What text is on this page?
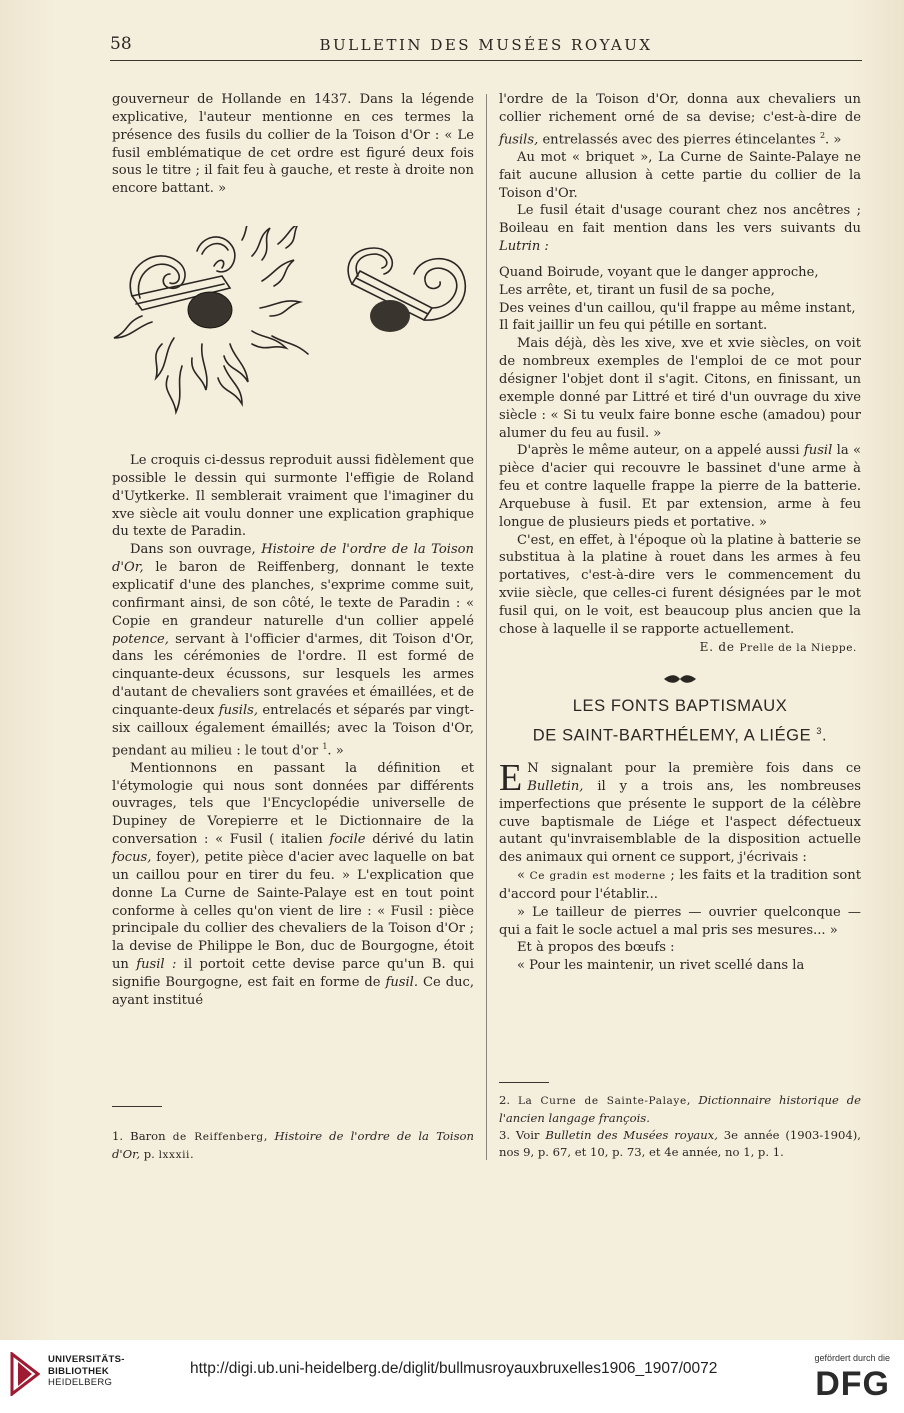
58	BULLETIN DES MUSÉES ROYAUX

gouverneur de Hollande en 1437. Dans la légende explicative, l'auteur mentionne en ces termes la présence des fusils du collier de la Toison d'Or : « Le fusil emblématique de cet ordre est figuré deux fois sous le titre ; il fait feu à gauche, et reste à droite non encore battant. »

Le croquis ci-dessus reproduit aussi fidèlement que possible le dessin qui surmonte l'effigie de Roland d'Uytkerke. Il semblerait vraiment que l'imaginer du xve siècle ait voulu donner une explication graphique du texte de Paradin.

Dans son ouvrage, Histoire de l'ordre de la Toison d'Or, le baron de Reiffenberg, donnant le texte explicatif d'une des planches, s'exprime comme suit, confirmant ainsi, de son côté, le texte de Paradin : « Copie en grandeur naturelle d'un collier appelé potence, servant à l'officier d'armes, dit Toison d'Or, dans les cérémonies de l'ordre. Il est formé de cinquante-deux écussons, sur lesquels les armes d'autant de chevaliers sont gravées et émaillées, et de cinquante-deux fusils, entrelacés et séparés par vingt-six cailloux également émaillés; avec la Toison d'Or, pendant au milieu : le tout d'or $^1$. »

Mentionnons en passant la définition et l'étymologie qui nous sont données par différents ouvrages, tels que l'Encyclopédie universelle de Dupiney de Vorepierre et le Dictionnaire de la conversation : « Fusil ( italien focile dérivé du latin focus, foyer), petite pièce d'acier avec laquelle on bat un caillou pour en tirer du feu. » L'explication que donne La Curne de Sainte-Palaye est en tout point conforme à celles qu'on vient de lire : « Fusil : pièce principale du collier des chevaliers de la Toison d'Or ; la devise de Philippe le Bon, duc de Bourgogne, étoit un fusil : il portoit cette devise parce qu'un B. qui signifie Bourgogne, est fait en forme de fusil. Ce duc, ayant institué

l'ordre de la Toison d'Or, donna aux chevaliers un collier richement orné de sa devise; c'est-à-dire de fusils, entrelassés avec des pierres étincelantes $^2$. »

Au mot « briquet », La Curne de Sainte-Palaye ne fait aucune allusion à cette partie du collier de la Toison d'Or.

Le fusil était d'usage courant chez nos ancêtres ; Boileau en fait mention dans les vers suivants du Lutrin :

Quand Boirude, voyant que le danger approche,
Les arrête, et, tirant un fusil de sa poche,
Des veines d'un caillou, qu'il frappe au même instant,
Il fait jaillir un feu qui pétille en sortant.

Mais déjà, dès les xive, xve et xvie siècles, on voit de nombreux exemples de l'emploi de ce mot pour désigner l'objet dont il s'agit. Citons, en finissant, un exemple donné par Littré et tiré d'un ouvrage du xive siècle : « Si tu veulx faire bonne esche (amadou) pour alumer du feu au fusil. »

D'après le même auteur, on a appelé aussi fusil la « pièce d'acier qui recouvre le bassinet d'une arme à feu et contre laquelle frappe la pierre de la batterie. Arquebuse à fusil. Et par extension, arme à feu longue de plusieurs pieds et portative. »

C'est, en effet, à l'époque où la platine à batterie se substitua à la platine à rouet dans les armes à feu portatives, c'est-à-dire vers le commencement du xviie siècle, que celles-ci furent désignées par le mot fusil qui, on le voit, est beaucoup plus ancien que la chose à laquelle il se rapporte actuellement.

E. de Prelle de la Nieppe.

LES FONTS BAPTISMAUX
DE SAINT-BARTHÉLEMY, A LIÉGE $^3$.

E N signalant pour la première fois dans ce Bulletin, il y a trois ans, les nombreuses imperfections que présente le support de la célèbre cuve baptismale de Liége et l'aspect défectueux autant qu'invraisemblable de la disposition actuelle des animaux qui ornent ce support, j'écrivais :

« Ce gradin est moderne ; les faits et la tradition sont d'accord pour l'établir...

» Le tailleur de pierres — ouvrier quelconque — qui a fait le socle actuel a mal pris ses mesures... »

Et à propos des bœufs :

« Pour les maintenir, un rivet scellé dans la

1. Baron de Reiffenberg, Histoire de l'ordre de la Toison d'Or, p. lxxxii.

2. La Curne de Sainte-Palaye, Dictionnaire historique de l'ancien langage françois.

3. Voir Bulletin des Musées royaux, 3e année (1903-1904), nos 9, p. 67, et 10, p. 73, et 4e année, no 1, p. 1.

UNIVERSITÄTS-
BIBLIOTHEK
HEIDELBERG
http://digi.ub.uni-heidelberg.de/diglit/bullmusroyauxbruxelles1906_1907/0072
gefördert durch die
DFG
